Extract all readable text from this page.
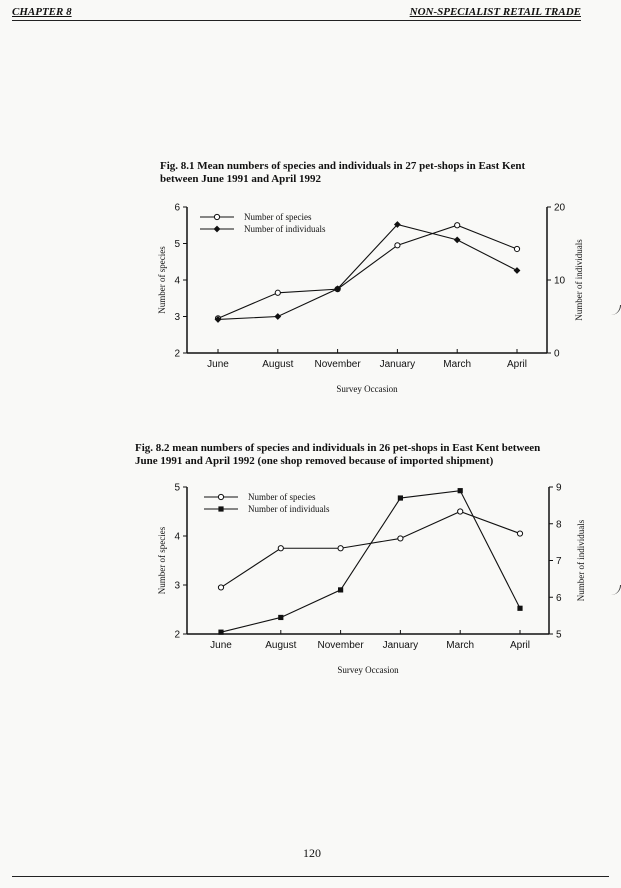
CHAPTER 8	NON-SPECIALIST RETAIL TRADE
Fig. 8.1 Mean numbers of species and individuals in 27 pet-shops in East Kent
between June 1991 and April 1992
2
3
4
5
6
0
10
20
June	August November January	March	April
Survey Occasion
Number of species	Number of individuals
Number of species
Number of individuals
Fig. 8.2 mean numbers of species and individuals in 26 pet-shops in East Kent between
June 1991 and April 1992 (one shop removed because of imported shipment)
2
3
4
5
5
6
7
8
9
June	August November January	March	April
Survey Occasion
Number of species	Number of individuals
Number of species
Number of individuals
120
